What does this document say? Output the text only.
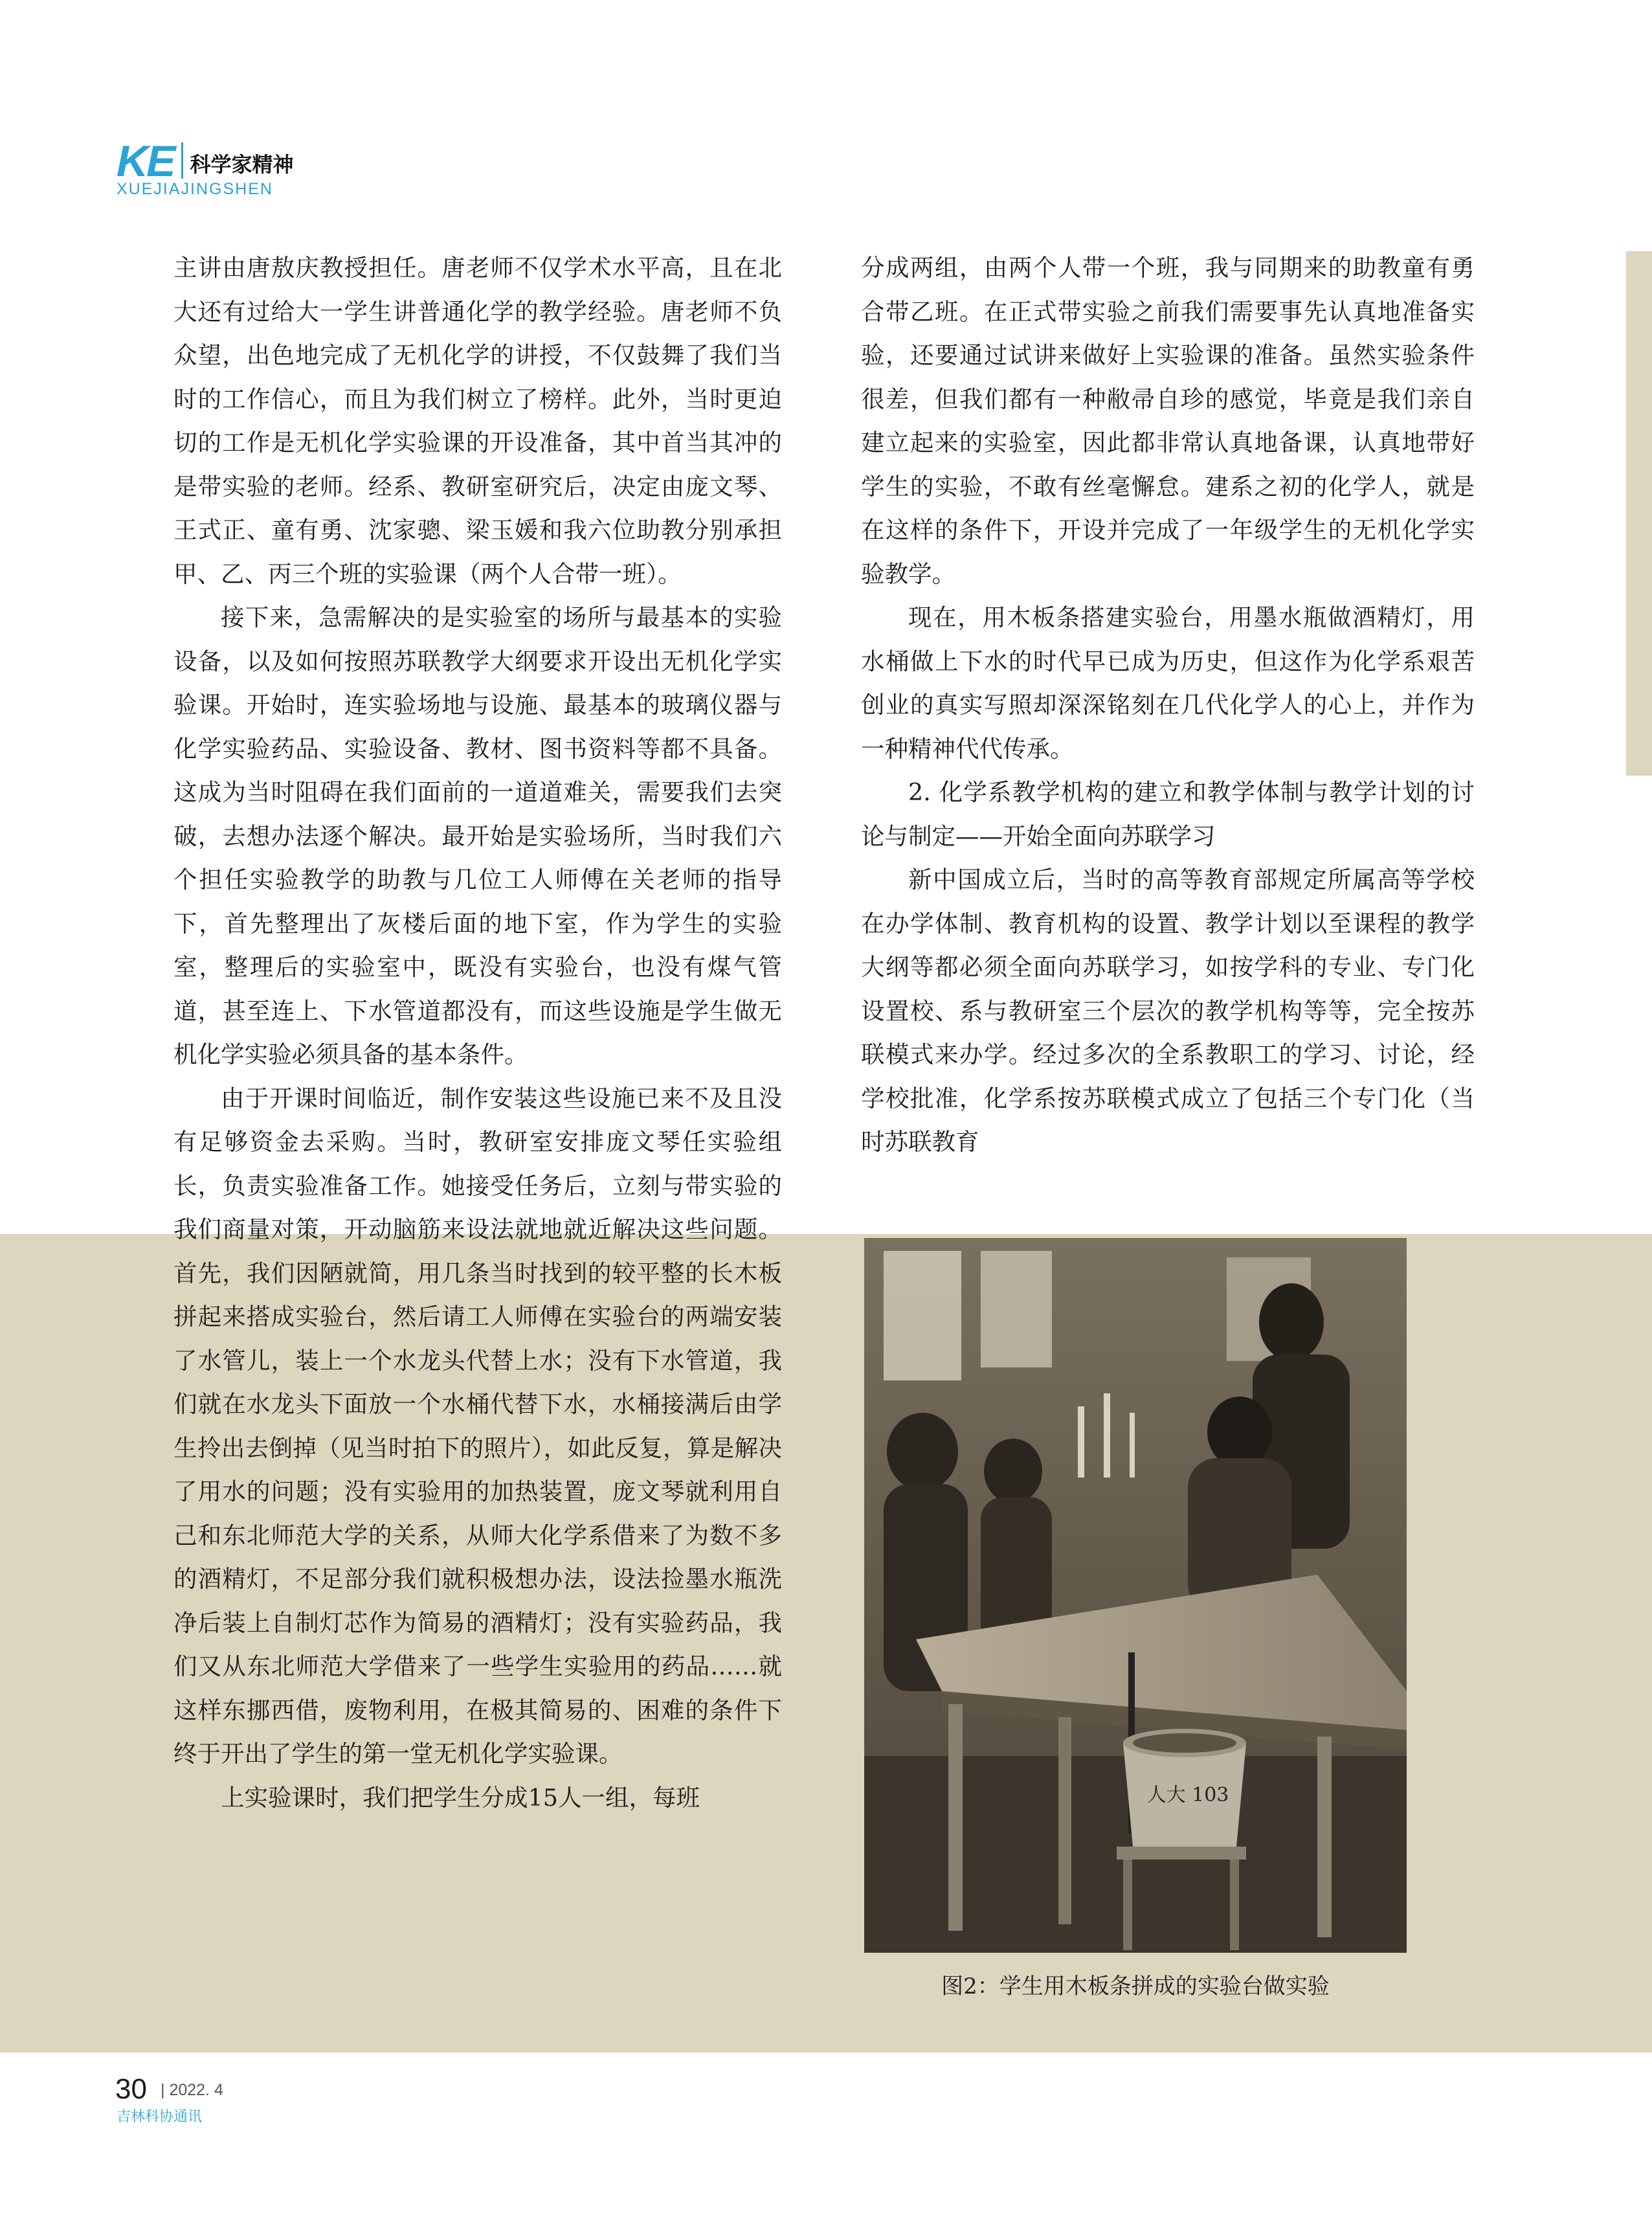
KE 科学家精神
XUEJIAJINGSHEN

主讲由唐敖庆教授担任。唐老师不仅学术水平高，且在北大还有过给大一学生讲普通化学的教学经验。唐老师不负众望，出色地完成了无机化学的讲授，不仅鼓舞了我们当时的工作信心，而且为我们树立了榜样。此外，当时更迫切的工作是无机化学实验课的开设准备，其中首当其冲的是带实验的老师。经系、教研室研究后，决定由庞文琴、王式正、童有勇、沈家骢、梁玉媛和我六位助教分别承担甲、乙、丙三个班的实验课（两个人合带一班）。

接下来，急需解决的是实验室的场所与最基本的实验设备，以及如何按照苏联教学大纲要求开设出无机化学实验课。开始时，连实验场地与设施、最基本的玻璃仪器与化学实验药品、实验设备、教材、图书资料等都不具备。这成为当时阻碍在我们面前的一道道难关，需要我们去突破，去想办法逐个解决。最开始是实验场所，当时我们六个担任实验教学的助教与几位工人师傅在关老师的指导下，首先整理出了灰楼后面的地下室，作为学生的实验室，整理后的实验室中，既没有实验台，也没有煤气管道，甚至连上、下水管道都没有，而这些设施是学生做无机化学实验必须具备的基本条件。

由于开课时间临近，制作安装这些设施已来不及且没有足够资金去采购。当时，教研室安排庞文琴任实验组长，负责实验准备工作。她接受任务后，立刻与带实验的我们商量对策，开动脑筋来设法就地就近解决这些问题。首先，我们因陋就简，用几条当时找到的较平整的长木板拼起来搭成实验台，然后请工人师傅在实验台的两端安装了水管儿，装上一个水龙头代替上水；没有下水管道，我们就在水龙头下面放一个水桶代替下水，水桶接满后由学生拎出去倒掉（见当时拍下的照片），如此反复，算是解决了用水的问题；没有实验用的加热装置，庞文琴就利用自己和东北师范大学的关系，从师大化学系借来了为数不多的酒精灯，不足部分我们就积极想办法，设法捡墨水瓶洗净后装上自制灯芯作为简易的酒精灯；没有实验药品，我们又从东北师范大学借来了一些学生实验用的药品……就这样东挪西借，废物利用，在极其简易的、困难的条件下终于开出了学生的第一堂无机化学实验课。

上实验课时，我们把学生分成15人一组，每班

分成两组，由两个人带一个班，我与同期来的助教童有勇合带乙班。在正式带实验之前我们需要事先认真地准备实验，还要通过试讲来做好上实验课的准备。虽然实验条件很差，但我们都有一种敝帚自珍的感觉，毕竟是我们亲自建立起来的实验室，因此都非常认真地备课，认真地带好学生的实验，不敢有丝毫懈怠。建系之初的化学人，就是在这样的条件下，开设并完成了一年级学生的无机化学实验教学。

现在，用木板条搭建实验台，用墨水瓶做酒精灯，用水桶做上下水的时代早已成为历史，但这作为化学系艰苦创业的真实写照却深深铭刻在几代化学人的心上，并作为一种精神代代传承。

2. 化学系教学机构的建立和教学体制与教学计划的讨论与制定——开始全面向苏联学习

新中国成立后，当时的高等教育部规定所属高等学校在办学体制、教育机构的设置、教学计划以至课程的教学大纲等都必须全面向苏联学习，如按学科的专业、专门化设置校、系与教研室三个层次的教学机构等等，完全按苏联模式来办学。经过多次的全系教职工的学习、讨论，经学校批准，化学系按苏联模式成立了包括三个专门化（当时苏联教育

人大 103
图2：学生用木板条拼成的实验台做实验
30 | 2022. 4
吉林科协通讯
